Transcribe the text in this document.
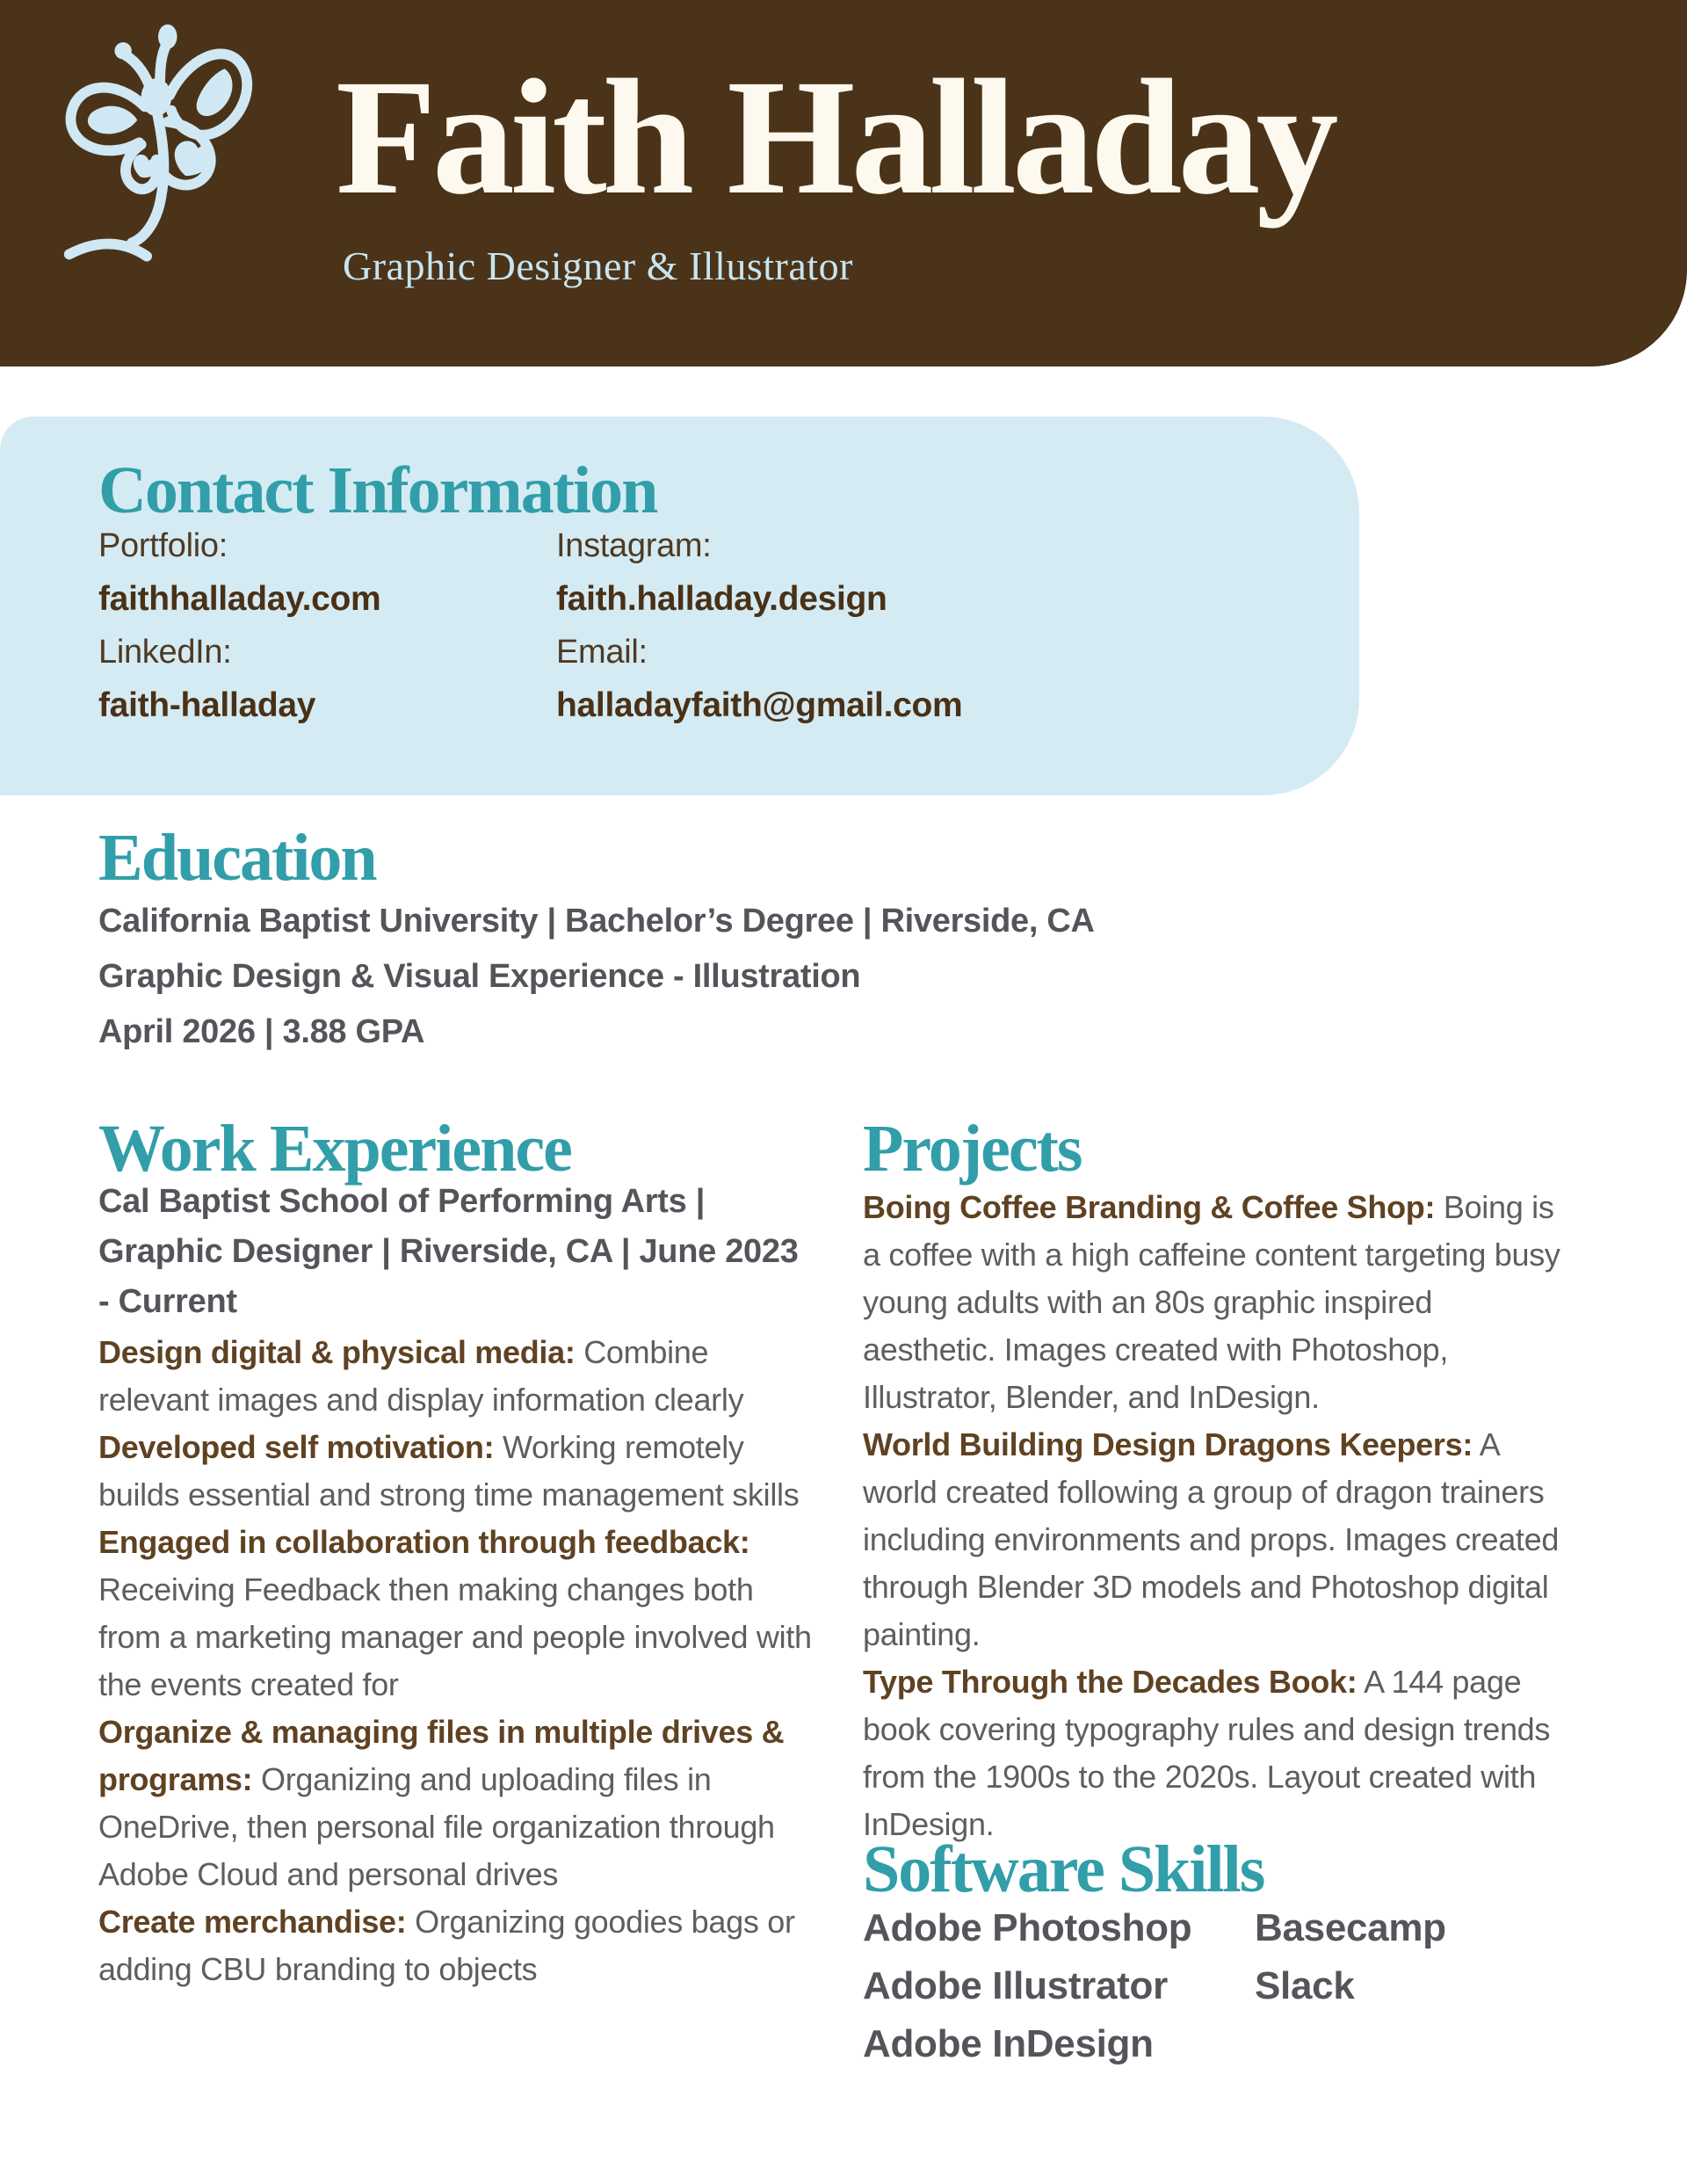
Faith Halladay
Graphic Designer & Illustrator
Contact Information
Portfolio:
faithhalladay.com
LinkedIn:
faith-halladay
Instagram:
faith.halladay.design
Email:
halladayfaith@gmail.com
Education
California Baptist University | Bachelor’s Degree | Riverside, CA
Graphic Design & Visual Experience - Illustration
April 2026 | 3.88 GPA
Work Experience

Cal Baptist School of Performing Arts | Graphic Designer | Riverside, CA | June 2023 - Current

Design digital & physical media: Combine relevant images and display information clearly

Developed self motivation: Working remotely builds essential and strong time management skills

Engaged in collaboration through feedback: Receiving Feedback then making changes both from a marketing manager and people involved with the events created for

Organize & managing files in multiple drives & programs: Organizing and uploading files in OneDrive, then personal file organization through Adobe Cloud and personal drives

Create merchandise: Organizing goodies bags or adding CBU branding to objects

Projects

Boing Coffee Branding & Coffee Shop: Boing is a coffee with a high caffeine content targeting busy young adults with an 80s graphic inspired aesthetic. Images created with Photoshop, Illustrator, Blender, and InDesign.

World Building Design Dragons Keepers: A world created following a group of dragon trainers including environments and props. Images created through Blender 3D models and Photoshop digital painting.

Type Through the Decades Book: A 144 page book covering typography rules and design trends from the 1900s to the 2020s. Layout created with InDesign.

Software Skills
Adobe Photoshop
Adobe Illustrator
Adobe InDesign
Basecamp
Slack
